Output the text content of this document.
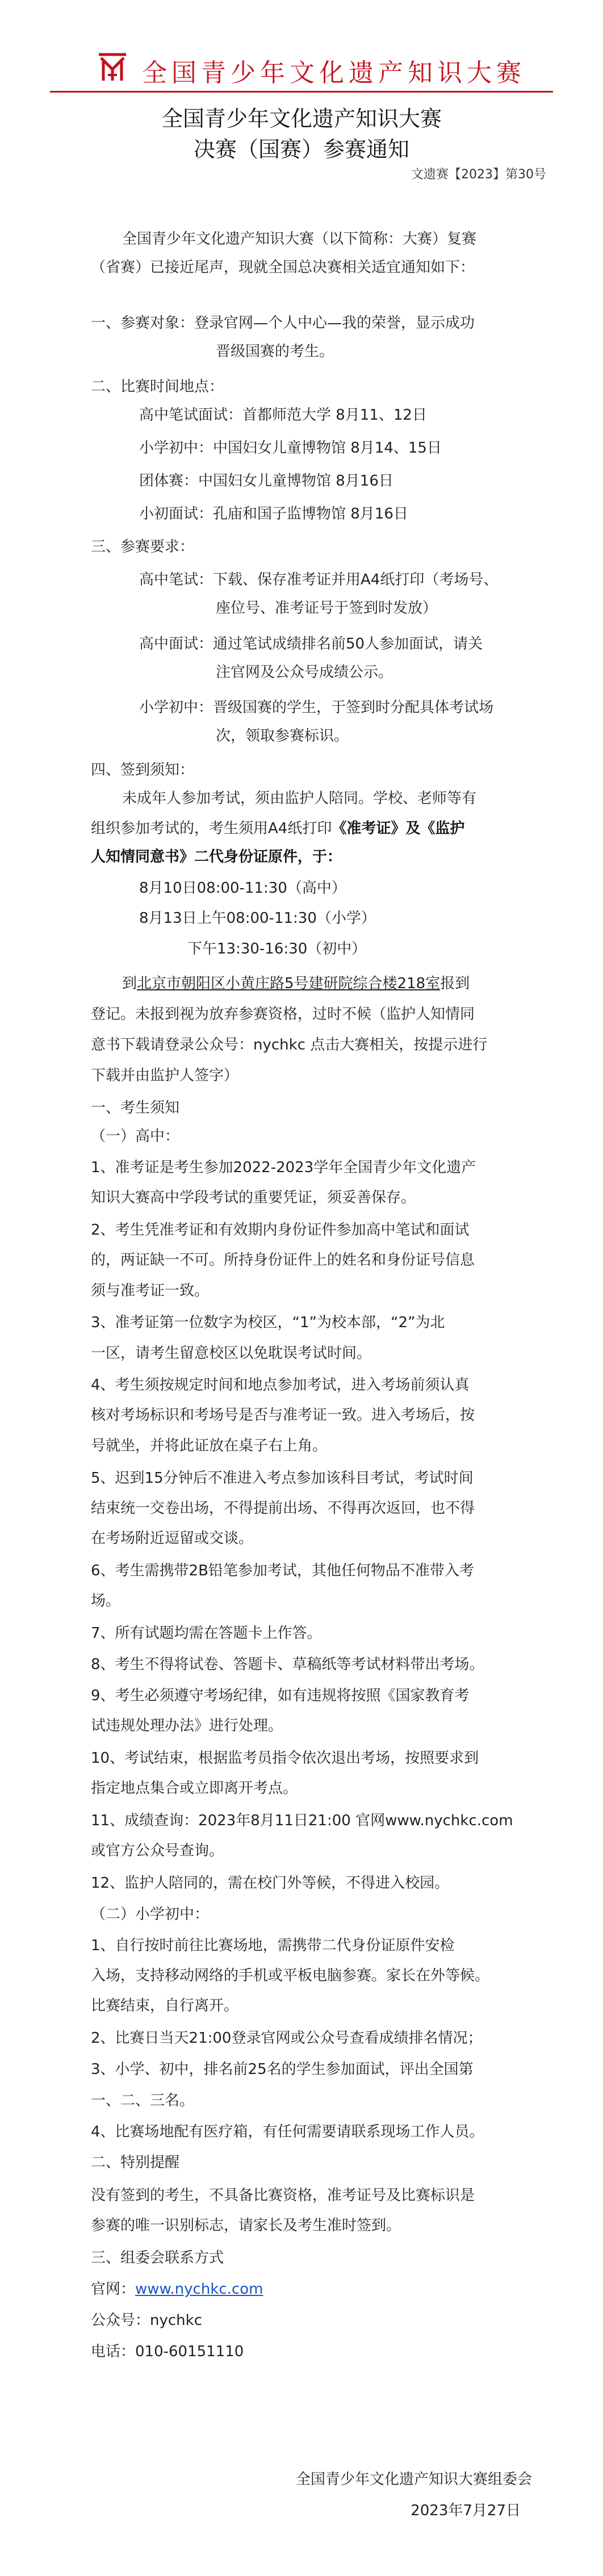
全国青少年文化遗产知识大赛
全国青少年文化遗产知识大赛
决赛（国赛）参赛通知
文遗赛【2023】第30号
全国青少年文化遗产知识大赛（以下简称：大赛）复赛
（省赛）已接近尾声，现就全国总决赛相关适宜通知如下：
一、参赛对象：登录官网—个人中心—我的荣誉，显示成功
晋级国赛的考生。
二、比赛时间地点：
高中笔试面试：首都师范大学 8月11、12日
小学初中：中国妇女儿童博物馆 8月14、15日
团体赛：中国妇女儿童博物馆 8月16日
小初面试：孔庙和国子监博物馆 8月16日
三、参赛要求：
高中笔试：下载、保存准考证并用A4纸打印（考场号、
座位号、准考证号于签到时发放）
高中面试：通过笔试成绩排名前50人参加面试，请关
注官网及公众号成绩公示。
小学初中：晋级国赛的学生，于签到时分配具体考试场
次，领取参赛标识。
四、签到须知：
未成年人参加考试，须由监护人陪同。学校、老师等有
组织参加考试的，考生须用A4纸打印《准考证》及《监护
人知情同意书》二代身份证原件，于：
8月10日08:00-11:30（高中）
8月13日上午08:00-11:30（小学）
下午13:30-16:30（初中）
到北京市朝阳区小黄庄路5号建研院综合楼218室报到
登记。未报到视为放弃参赛资格，过时不候（监护人知情同
意书下载请登录公众号：nychkc 点击大赛相关，按提示进行
下载并由监护人签字）
一、考生须知
（一）高中：
1、准考证是考生参加2022-2023学年全国青少年文化遗产
知识大赛高中学段考试的重要凭证，须妥善保存。
2、考生凭准考证和有效期内身份证件参加高中笔试和面试
的，两证缺一不可。所持身份证件上的姓名和身份证号信息
须与准考证一致。
3、准考证第一位数字为校区，“1”为校本部，“2”为北
一区，请考生留意校区以免耽误考试时间。
4、考生须按规定时间和地点参加考试，进入考场前须认真
核对考场标识和考场号是否与准考证一致。进入考场后，按
号就坐，并将此证放在桌子右上角。
5、迟到15分钟后不准进入考点参加该科目考试，考试时间
结束统一交卷出场，不得提前出场、不得再次返回，也不得
在考场附近逗留或交谈。
6、考生需携带2B铅笔参加考试，其他任何物品不准带入考
场。
7、所有试题均需在答题卡上作答。
8、考生不得将试卷、答题卡、草稿纸等考试材料带出考场。
9、考生必须遵守考场纪律，如有违规将按照《国家教育考
试违规处理办法》进行处理。
10、考试结束，根据监考员指令依次退出考场，按照要求到
指定地点集合或立即离开考点。
11、成绩查询：2023年8月11日21:00 官网www.nychkc.com
或官方公众号查询。
12、监护人陪同的，需在校门外等候，不得进入校园。
（二）小学初中：
1、自行按时前往比赛场地，需携带二代身份证原件安检
入场，支持移动网络的手机或平板电脑参赛。家长在外等候。
比赛结束，自行离开。
2、比赛日当天21:00登录官网或公众号查看成绩排名情况；
3、小学、初中，排名前25名的学生参加面试，评出全国第
一、二、三名。
4、比赛场地配有医疗箱，有任何需要请联系现场工作人员。
二、特别提醒
没有签到的考生，不具备比赛资格，准考证号及比赛标识是
参赛的唯一识别标志，请家长及考生准时签到。
三、组委会联系方式
官网：www.nychkc.com
公众号：nychkc
电话：010-60151110
全国青少年文化遗产知识大赛组委会
2023年7月27日
